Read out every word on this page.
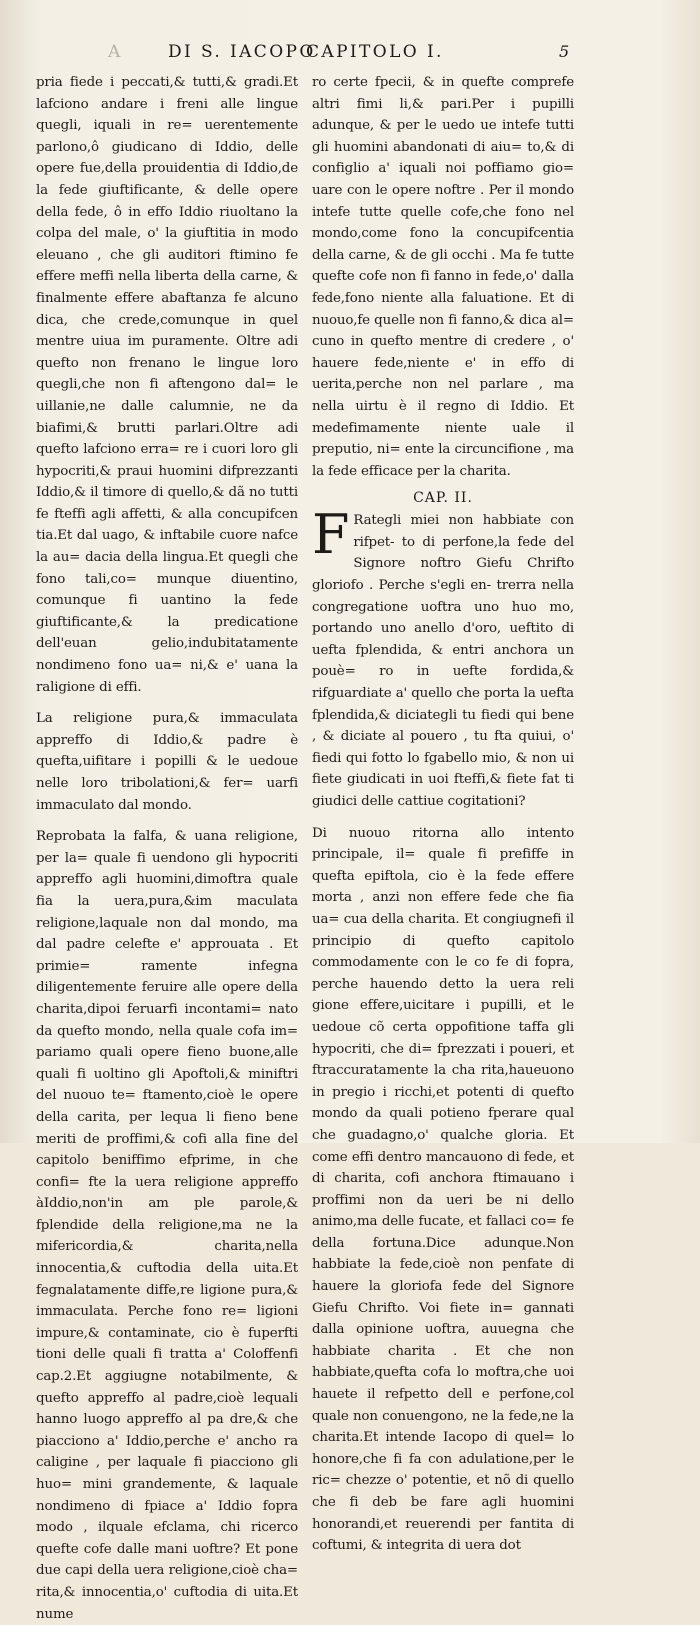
A	DI S. IACOPO
CAPITOLO I.	5

pria fiede i peccati,& tutti,& gradi.Et lafciono andare i freni alle lingue quegli, iquali in re= uerentemente parlono,ô giudicano di Iddio, delle opere fue,della prouidentia di Iddio,de la fede giuftificante, & delle opere della fede, ô in effo Iddio riuoltano la colpa del male, o' la giuftitia in modo eleuano , che gli auditori ftimino fe effere meffi nella liberta della carne, & finalmente effere abaftanza fe alcuno dica, che crede,comunque in quel mentre uiua im puramente. Oltre adi quefto non frenano le lingue loro quegli,che non fi aftengono dal= le uillanie,ne dalle calumnie, ne da biafimi,& brutti parlari.Oltre adi quefto lafciono erra= re i cuori loro gli hypocriti,& praui huomini difprezzanti Iddio,& il timore di quello,& dã no tutti fe fteffi agli affetti, & alla concupifcen tia.Et dal uago, & inftabile cuore nafce la au= dacia della lingua.Et quegli che fono tali,co= munque diuentino, comunque fi uantino la fede giuftificante,& la predicatione dell'euan gelio,indubitatamente nondimeno fono ua= ni,& e' uana la raligione di effi.

La religione pura,& immaculata appreffo di Iddio,& padre è quefta,uifitare i popilli & le uedoue nelle loro tribolationi,& fer= uarfi immaculato dal mondo.

Reprobata la falfa, & uana religione, per la= quale fi uendono gli hypocriti appreffo agli huomini,dimoftra quale fia la uera,pura,&im maculata religione,laquale non dal mondo, ma dal padre celefte e' approuata . Et primie= ramente infegna diligentemente feruire alle opere della charita,dipoi feruarfi incontami= nato da quefto mondo, nella quale cofa im= pariamo quali opere fieno buone,alle quali fi uoltino gli Apoftoli,& miniftri del nuouo te= ftamento,cioè le opere della carita, per lequa li fieno bene meriti de proffimi,& cofi alla fine del capitolo beniffimo efprime, in che confi= fte la uera religione appreffo àIddio,non'in am ple parole,& fplendide della religione,ma ne la mifericordia,& charita,nella innocentia,& cuftodia della uita.Et fegnalatamente diffe,re ligione pura,& immaculata. Perche fono re= ligioni impure,& contaminate, cio è fuperfti tioni delle quali fi tratta a' Coloffenfi cap.2.Et aggiugne notabilmente, & quefto appreffo al padre,cioè lequali hanno luogo appreffo al pa dre,& che piacciono a' Iddio,perche e' ancho ra caligine , per laquale fi piacciono gli huo= mini grandemente, & laquale nondimeno di fpiace a' Iddio fopra modo , ilquale efclama, chi ricerco quefte cofe dalle mani uoftre? Et pone due capi della uera religione,cioè cha= rita,& innocentia,o' cuftodia di uita.Et nume

ro certe fpecii, & in quefte comprefe altri fimi li,& pari.Per i pupilli adunque, & per le uedo ue intefe tutti gli huomini abandonati di aiu= to,& di configlio a' iquali noi poffiamo gio= uare con le opere noftre . Per il mondo intefe tutte quelle cofe,che fono nel mondo,come fono la concupifcentia della carne, & de gli occhi . Ma fe tutte quefte cofe non fi fanno in fede,o' dalla fede,fono niente alla faluatione. Et di nuouo,fe quelle non fi fanno,& dica al= cuno in quefto mentre di credere , o' hauere fede,niente e' in effo di uerita,perche non nel parlare , ma nella uirtu è il regno di Iddio. Et medefimamente niente uale il preputio, ni= ente la circuncifione , ma la fede efficace per la charita.

CAP. II.

F Rategli miei non habbiate con rifpet- to di perfone,la fede del Signore noftro Giefu Chrifto gloriofo . Perche s'egli en- trerra nella congregatione uoftra uno huo mo, portando uno anello d'oro, ueftito di uefta fplendida, & entri anchora un pouè= ro in uefte fordida,& rifguardiate a' quello che porta la uefta fplendida,& diciategli tu fiedi qui bene , & diciate al pouero , tu fta quiui, o' fiedi qui fotto lo fgabello mio, & non ui fiete giudicati in uoi fteffi,& fiete fat ti giudici delle cattiue cogitationi?

Di nuouo ritorna allo intento principale, il= quale fi prefiffe in quefta epiftola, cio è la fede effere morta , anzi non effere fede che fia ua= cua della charita. Et congiugnefi il principio di quefto capitolo commodamente con le co fe di fopra, perche hauendo detto la uera reli gione effere,uicitare i pupilli, et le uedoue cõ certa oppofitione taffa gli hypocriti, che di= fprezzati i poueri, et ftraccuratamente la cha rita,haueuono in pregio i ricchi,et potenti di quefto mondo da quali potieno fperare qual che guadagno,o' qualche gloria. Et come effi dentro mancauono di fede, et di charita, cofi anchora ftimauano i proffimi non da ueri be ni dello animo,ma delle fucate, et fallaci co= fe della fortuna.Dice adunque.Non habbiate la fede,cioè non penfate di hauere la gloriofa fede del Signore Giefu Chrifto. Voi fiete in= gannati dalla opinione uoftra, auuegna che habbiate charita . Et che non habbiate,quefta cofa lo moftra,che uoi hauete il refpetto dell e perfone,col quale non conuengono, ne la fede,ne la charita.Et intende Iacopo di quel= lo honore,che fi fa con adulatione,per le ric= chezze o' potentie, et nõ di quello che fi deb be fare agli huomini honorandi,et reuerendi per fantita di coftumi, & integrita di uera dot
